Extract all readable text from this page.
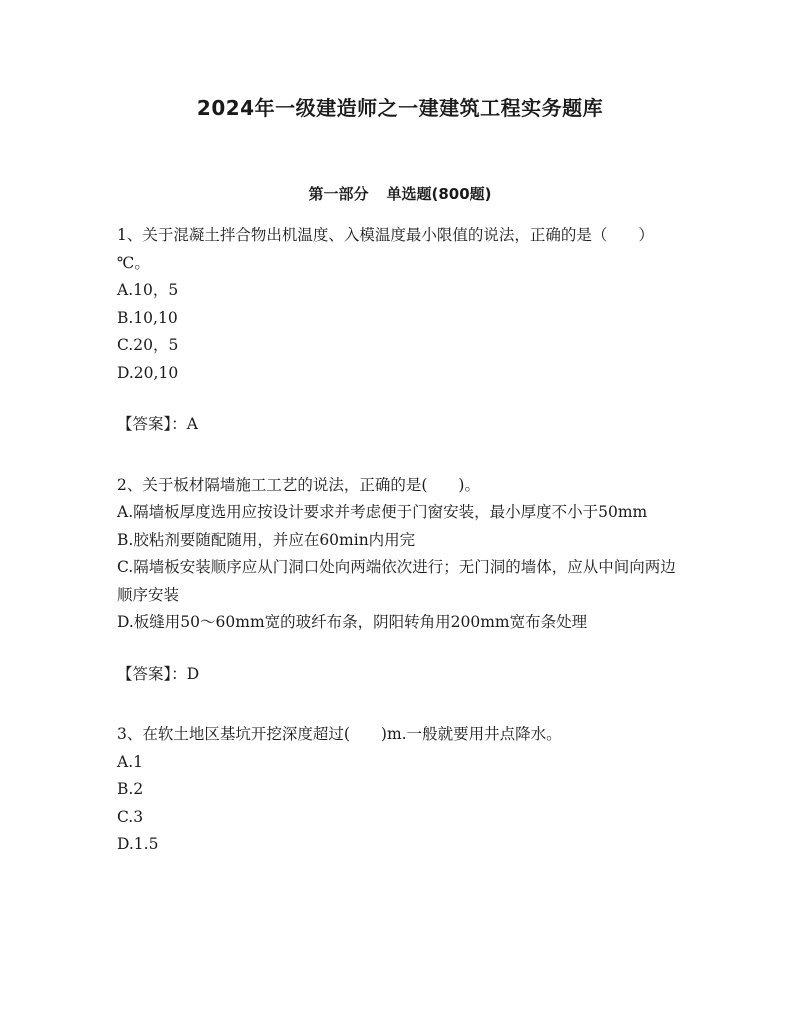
2024年一级建造师之一建建筑工程实务题库
第一部分 单选题(800题)

1、关于混凝土拌合物出机温度、入模温度最小限值的说法，正确的是（　　）℃。

A.10，5

B.10,10

C.20，5

D.20,10

【答案】：A

2、关于板材隔墙施工工艺的说法，正确的是(　　)。

A.隔墙板厚度选用应按设计要求并考虑便于门窗安装，最小厚度不小于50mm

B.胶粘剂要随配随用，并应在60min内用完

C.隔墙板安装顺序应从门洞口处向两端依次进行；无门洞的墙体，应从中间向两边顺序安装

D.板缝用50～60mm宽的玻纤布条，阴阳转角用200mm宽布条处理

【答案】：D

3、在软土地区基坑开挖深度超过(　　)m.一般就要用井点降水。

A.1

B.2

C.3

D.1.5
